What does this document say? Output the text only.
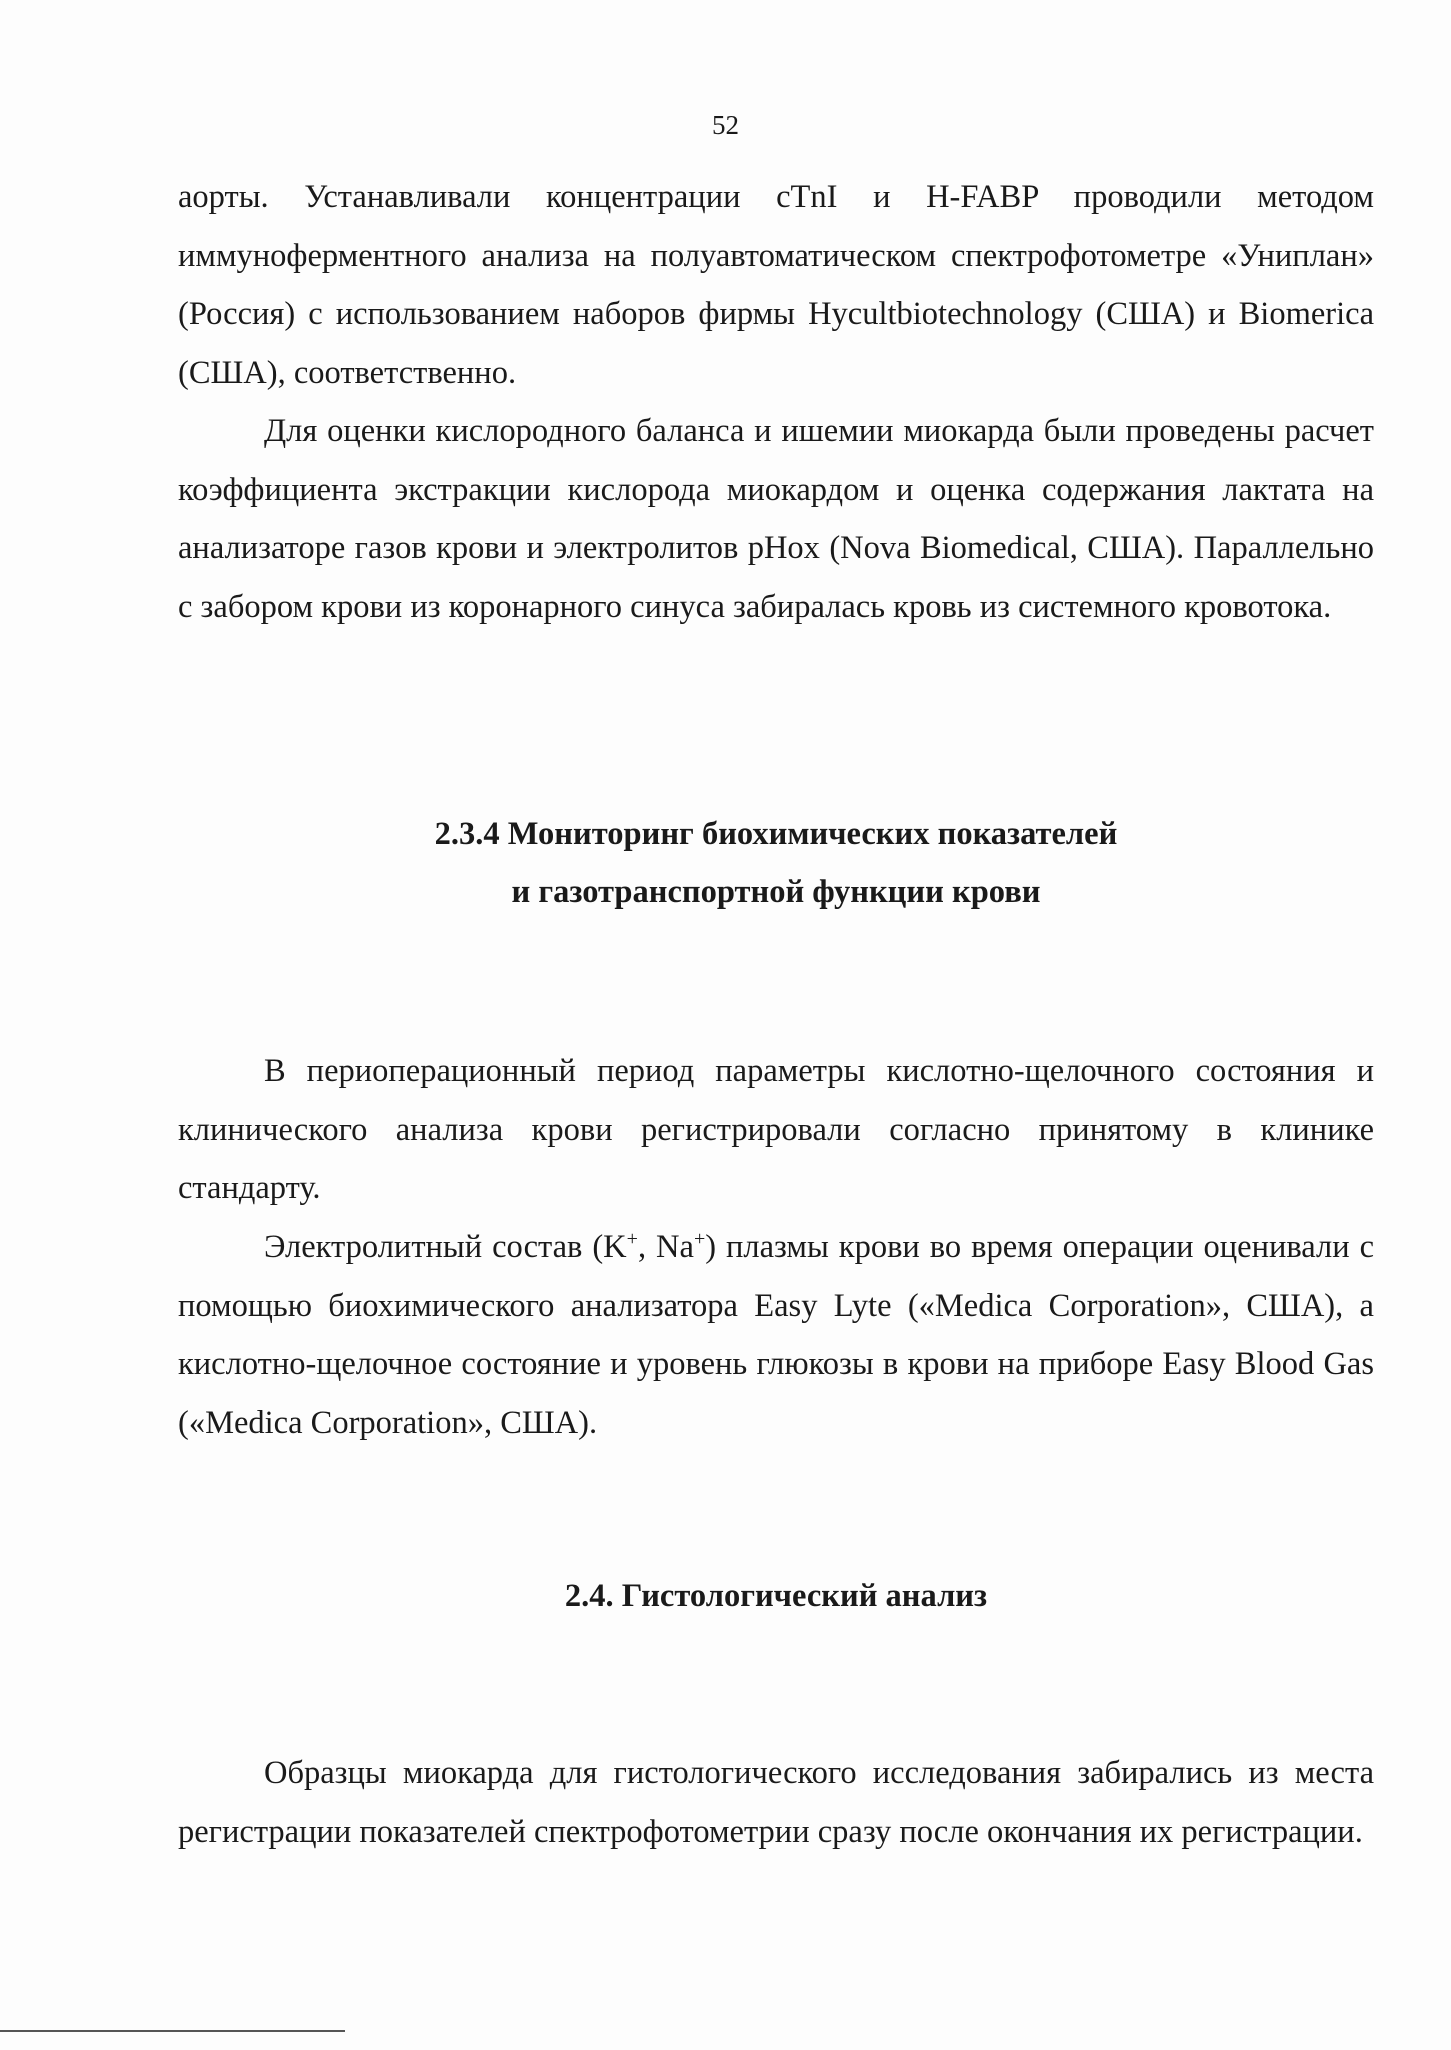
52

аорты. Устанавливали концентрации cTnI и H-FABP проводили методом иммуноферментного анализа на полуавтоматическом спектрофотометре «Униплан» (Россия) с использованием наборов фирмы Hycultbiotechnology (США) и Biomerica (США), соответственно.

Для оценки кислородного баланса и ишемии миокарда были проведены расчет коэффициента экстракции кислорода миокардом и оценка содержания лактата на анализаторе газов крови и электролитов pHox (Nova Biomedical, США). Параллельно с забором крови из коронарного синуса забиралась кровь из системного кровотока.

2.3.4 Мониторинг биохимических показателей
и газотранспортной функции крови

В периоперационный период параметры кислотно-щелочного состояния и клинического анализа крови регистрировали согласно принятому в клинике стандарту.

Электролитный состав (K+, Na+) плазмы крови во время операции оценивали с помощью биохимического анализатора Easy Lyte («Medica Corporation», США), а кислотно-щелочное состояние и уровень глюкозы в крови на приборе Easy Blood Gas («Medica Corporation», США).

2.4. Гистологический анализ

Образцы миокарда для гистологического исследования забирались из места регистрации показателей спектрофотометрии сразу после окончания их регистрации.
